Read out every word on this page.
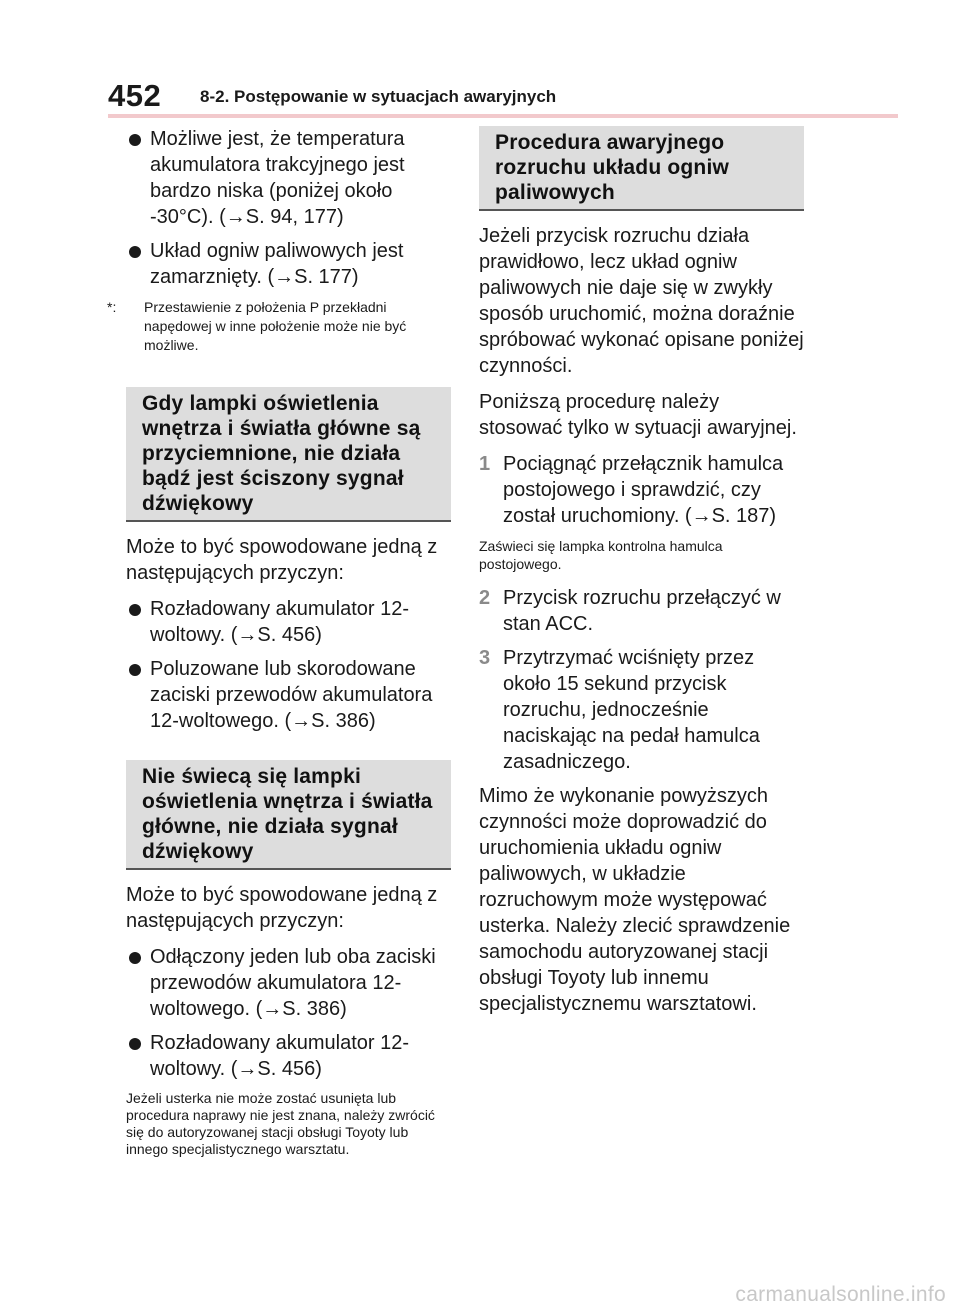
452 8-2. Postępowanie w sytuacjach awaryjnych
Możliwe jest, że temperatura akumulatora trakcyjnego jest bardzo niska (poniżej około -30°C). (→S. 94, 177)
Układ ogniw paliwowych jest zamarznięty. (→S. 177)
*: Przestawienie z położenia P przekładni napędowej w inne położenie może nie być możliwe.
Gdy lampki oświetlenia wnętrza i światła główne są przyciemnione, nie działa bądź jest ściszony sygnał dźwiękowy

Może to być spowodowane jedną z następujących przyczyn:

Rozładowany akumulator 12-woltowy. (→S. 456)
Poluzowane lub skorodowane zaciski przewodów akumulatora 12-woltowego. (→S. 386)
Nie świecą się lampki oświetlenia wnętrza i światła główne, nie działa sygnał dźwiękowy

Może to być spowodowane jedną z następujących przyczyn:

Odłączony jeden lub oba zaciski przewodów akumulatora 12-woltowego. (→S. 386)
Rozładowany akumulator 12-woltowy. (→S. 456)

Jeżeli usterka nie może zostać usunięta lub procedura naprawy nie jest znana, należy zwrócić się do autoryzowanej stacji obsługi Toyoty lub innego specjalistycznego warsztatu.

Procedura awaryjnego rozruchu układu ogniw paliwowych

Jeżeli przycisk rozruchu działa prawidłowo, lecz układ ogniw paliwowych nie daje się w zwykły sposób uruchomić, można doraźnie spróbować wykonać opisane poniżej czynności.

Poniższą procedurę należy stosować tylko w sytuacji awaryjnej.

1 Pociągnąć przełącznik hamulca postojowego i sprawdzić, czy został uruchomiony. (→S. 187)

Zaświeci się lampka kontrolna hamulca postojowego.

2 Przycisk rozruchu przełączyć w stan ACC.
3 Przytrzymać wciśnięty przez około 15 sekund przycisk rozruchu, jednocześnie naciskając na pedał hamulca zasadniczego.

Mimo że wykonanie powyższych czynności może doprowadzić do uruchomienia układu ogniw paliwowych, w układzie rozruchowym może występować usterka. Należy zlecić sprawdzenie samochodu autoryzowanej stacji obsługi Toyoty lub innemu specjalistycznemu warsztatowi.

carmanualsonline.info
